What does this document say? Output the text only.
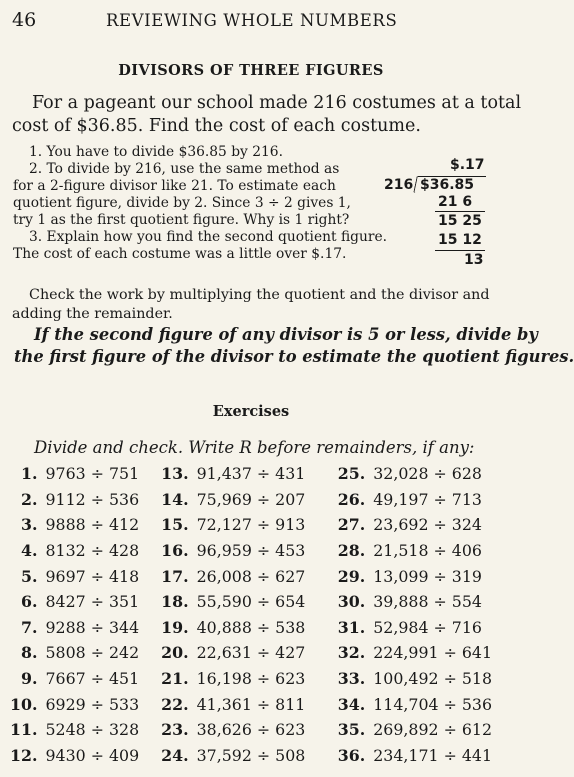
46	REVIEWING WHOLE NUMBERS
DIVISORS OF THREE FIGURES
For a pageant our school made 216 costumes at a total
cost of $36.85. Find the cost of each costume.
1. You have to divide $36.85 by 216.
2. To divide by 216, use the same method as
for a 2-figure divisor like 21. To estimate each
quotient figure, divide by 2. Since 3 ÷ 2 gives 1,
try 1 as the first quotient figure. Why is 1 right?
3. Explain how you find the second quotient figure.
The cost of each costume was a little over $.17.
$.17
216 $36.85
21 6
15 25
15 12
13
Check the work by multiplying the quotient and the divisor and
adding the remainder.
If the second figure of any divisor is 5 or less, divide by
the first figure of the divisor to estimate the quotient figures.
Exercises
Divide and check. Write R before remainders, if any:
1.	9763 ÷ 751	13.	91,437 ÷ 431	25.	32,028 ÷ 628
2.	9112 ÷ 536	14.	75,969 ÷ 207	26.	49,197 ÷ 713
3.	9888 ÷ 412	15.	72,127 ÷ 913	27.	23,692 ÷ 324
4.	8132 ÷ 428	16.	96,959 ÷ 453	28.	21,518 ÷ 406
5.	9697 ÷ 418	17.	26,008 ÷ 627	29.	13,099 ÷ 319
6.	8427 ÷ 351	18.	55,590 ÷ 654	30.	39,888 ÷ 554
7.	9288 ÷ 344	19.	40,888 ÷ 538	31.	52,984 ÷ 716
8.	5808 ÷ 242	20.	22,631 ÷ 427	32.	224,991 ÷ 641
9.	7667 ÷ 451	21.	16,198 ÷ 623	33.	100,492 ÷ 518
10.	6929 ÷ 533	22.	41,361 ÷ 811	34.	114,704 ÷ 536
11.	5248 ÷ 328	23.	38,626 ÷ 623	35.	269,892 ÷ 612
12.	9430 ÷ 409	24.	37,592 ÷ 508	36.	234,171 ÷ 441
